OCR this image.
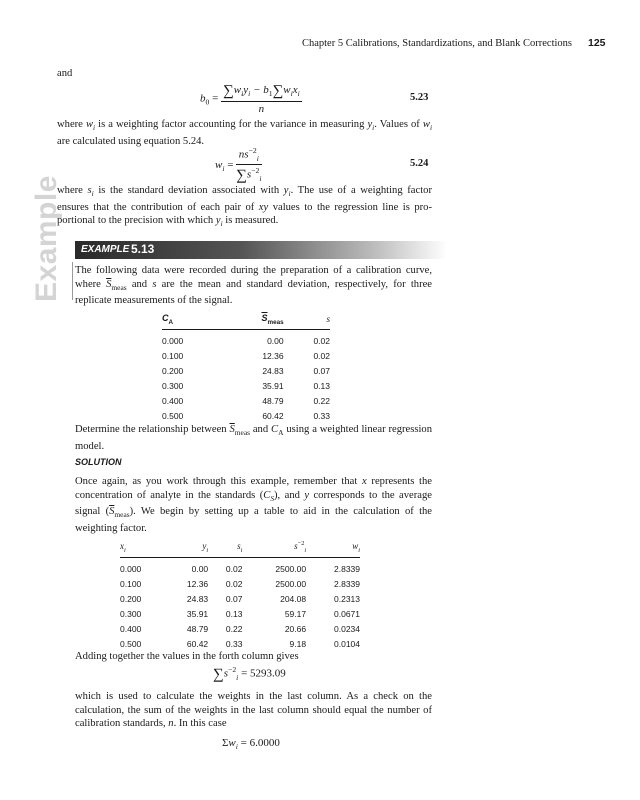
Chapter 5 Calibrations, Standardizations, and Blank Corrections 125
and
$b_0 = \frac{\sum w_iy_i - b_1\sum w_ix_i}{n}$	5.23
where $w_i$ is a weighting factor accounting for the variance in measuring $y_i$. Values of $w_i$ are calculated using equation 5.24.
$w_i = \frac{ns^{-2}_i}{\sum s^{-2}_i}$	5.24
where $s_i$ is the standard deviation associated with $y_i$. The use of a weighting factor ensures that the contribution of each pair of xy values to the regression line is pro-portional to the precision with which $y_i$ is measured.
EXAMPLE 5.13
Example The following data were recorded during the preparation of a calibration curve, where $\overline{S}_{meas}$ and s are the mean and standard deviation, respectively, for three replicate measurements of the signal.
$C_A$	$\overline{S}_{meas}$	s
0.000	0.00	0.02
0.100	12.36	0.02
0.200	24.83	0.07
0.300	35.91	0.13
0.400	48.79	0.22
0.500	60.42	0.33
Determine the relationship between $\overline{S}_{meas}$ and $C_A$ using a weighted linear regression model.
SOLUTION
Once again, as you work through this example, remember that x represents the concentration of analyte in the standards $(C_S)$, and y corresponds to the average signal $(\overline{S}_{meas})$. We begin by setting up a table to aid in the calculation of the weighting factor.
$x_i$	$y_i$	$s_i$	$s^{-2}_i$	$w_i$
0.000	0.00	0.02	2500.00	2.8339
0.100	12.36	0.02	2500.00	2.8339
0.200	24.83	0.07	204.08	0.2313
0.300	35.91	0.13	59.17	0.0671
0.400	48.79	0.22	20.66	0.0234
0.500	60.42	0.33	9.18	0.0104
Adding together the values in the forth column gives
$\sum s^{-2}_i = 5293.09$
which is used to calculate the weights in the last column. As a check on the calculation, the sum of the weights in the last column should equal the number of calibration standards, n. In this case
$\Sigma w_i = 6.0000$
